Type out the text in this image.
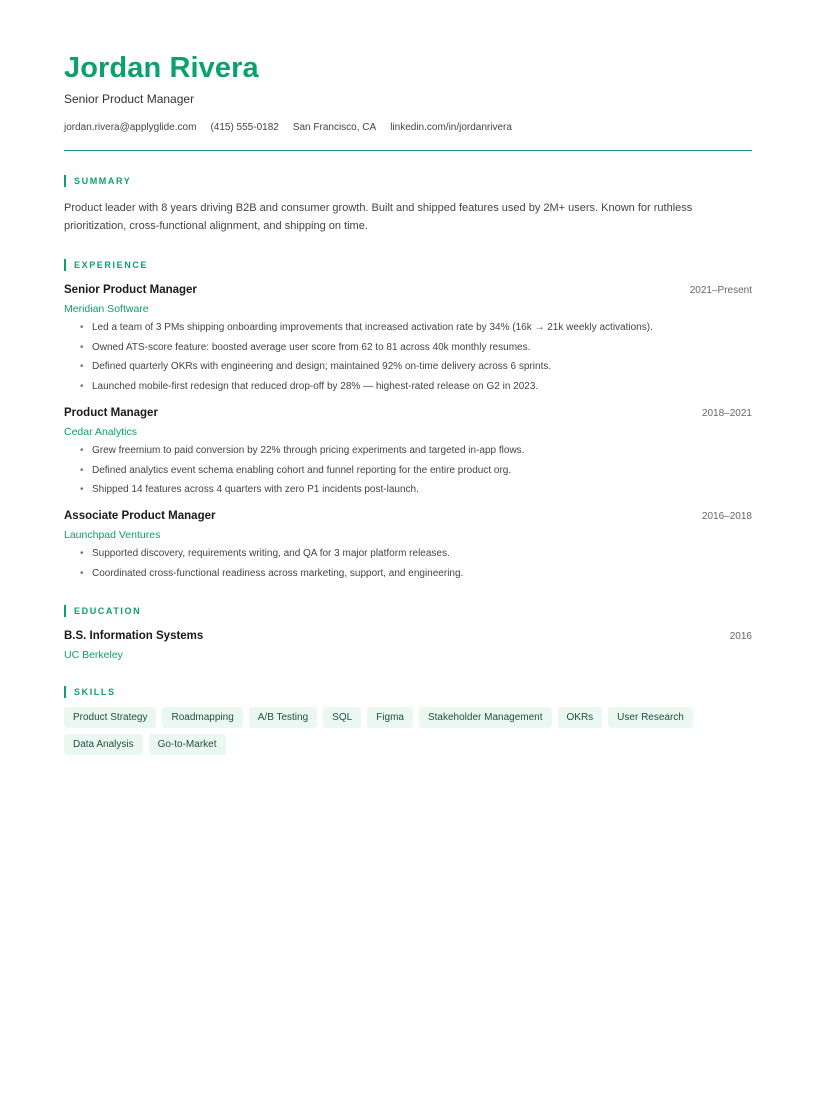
Jordan Rivera
Senior Product Manager
jordan.rivera@applyglide.com (415) 555-0182 San Francisco, CA linkedin.com/in/jordanrivera
SUMMARY
Product leader with 8 years driving B2B and consumer growth. Built and shipped features used by 2M+ users. Known for ruthless prioritization, cross-functional alignment, and shipping on time.
EXPERIENCE
Senior Product Manager	2021–Present
Meridian Software
• Led a team of 3 PMs shipping onboarding improvements that increased activation rate by 34% (16k → 21k weekly activations).
• Owned ATS-score feature: boosted average user score from 62 to 81 across 40k monthly resumes.
• Defined quarterly OKRs with engineering and design; maintained 92% on-time delivery across 6 sprints.
• Launched mobile-first redesign that reduced drop-off by 28% — highest-rated release on G2 in 2023.
Product Manager	2018–2021
Cedar Analytics
• Grew freemium to paid conversion by 22% through pricing experiments and targeted in-app flows.
• Defined analytics event schema enabling cohort and funnel reporting for the entire product org.
• Shipped 14 features across 4 quarters with zero P1 incidents post-launch.
Associate Product Manager	2016–2018
Launchpad Ventures
• Supported discovery, requirements writing, and QA for 3 major platform releases.
• Coordinated cross-functional readiness across marketing, support, and engineering.
EDUCATION
B.S. Information Systems	2016
UC Berkeley
SKILLS
Product Strategy	Roadmapping	A/B Testing	SQL	Figma	Stakeholder Management	OKRs	User Research
Data Analysis	Go-to-Market
